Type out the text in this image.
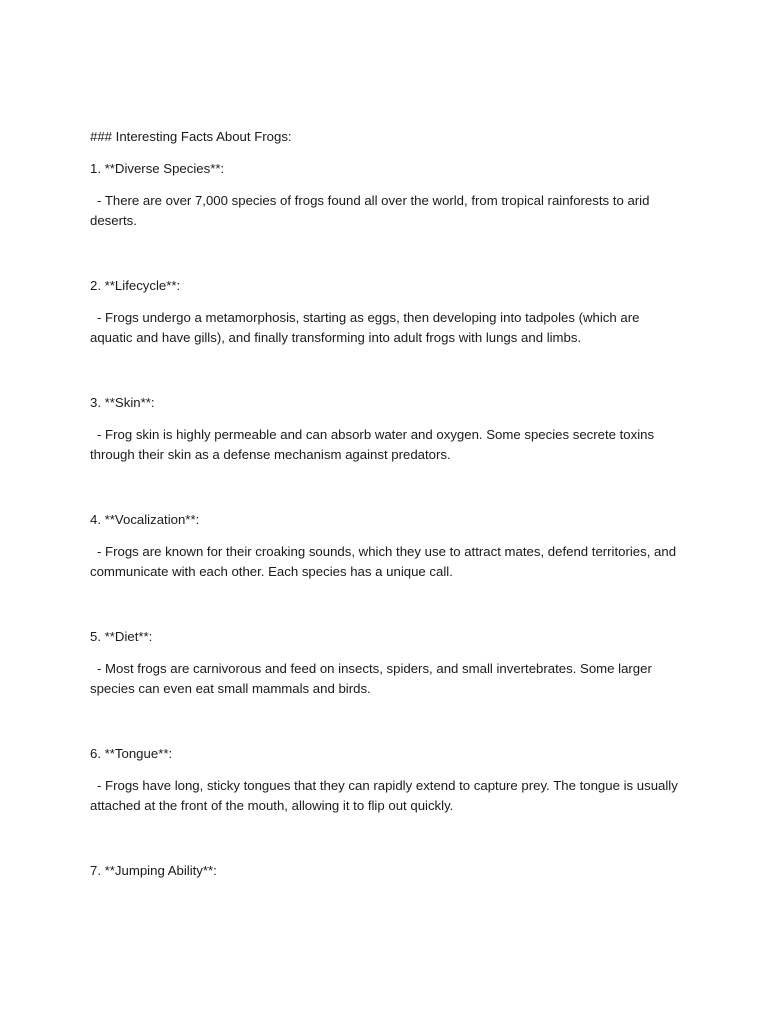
### Interesting Facts About Frogs:

1. **Diverse Species**:

- There are over 7,000 species of frogs found all over the world, from tropical rainforests to arid deserts.

2. **Lifecycle**:

- Frogs undergo a metamorphosis, starting as eggs, then developing into tadpoles (which are aquatic and have gills), and finally transforming into adult frogs with lungs and limbs.

3. **Skin**:

- Frog skin is highly permeable and can absorb water and oxygen. Some species secrete toxins through their skin as a defense mechanism against predators.

4. **Vocalization**:

- Frogs are known for their croaking sounds, which they use to attract mates, defend territories, and communicate with each other. Each species has a unique call.

5. **Diet**:

- Most frogs are carnivorous and feed on insects, spiders, and small invertebrates. Some larger species can even eat small mammals and birds.

6. **Tongue**:

- Frogs have long, sticky tongues that they can rapidly extend to capture prey. The tongue is usually attached at the front of the mouth, allowing it to flip out quickly.

7. **Jumping Ability**:
